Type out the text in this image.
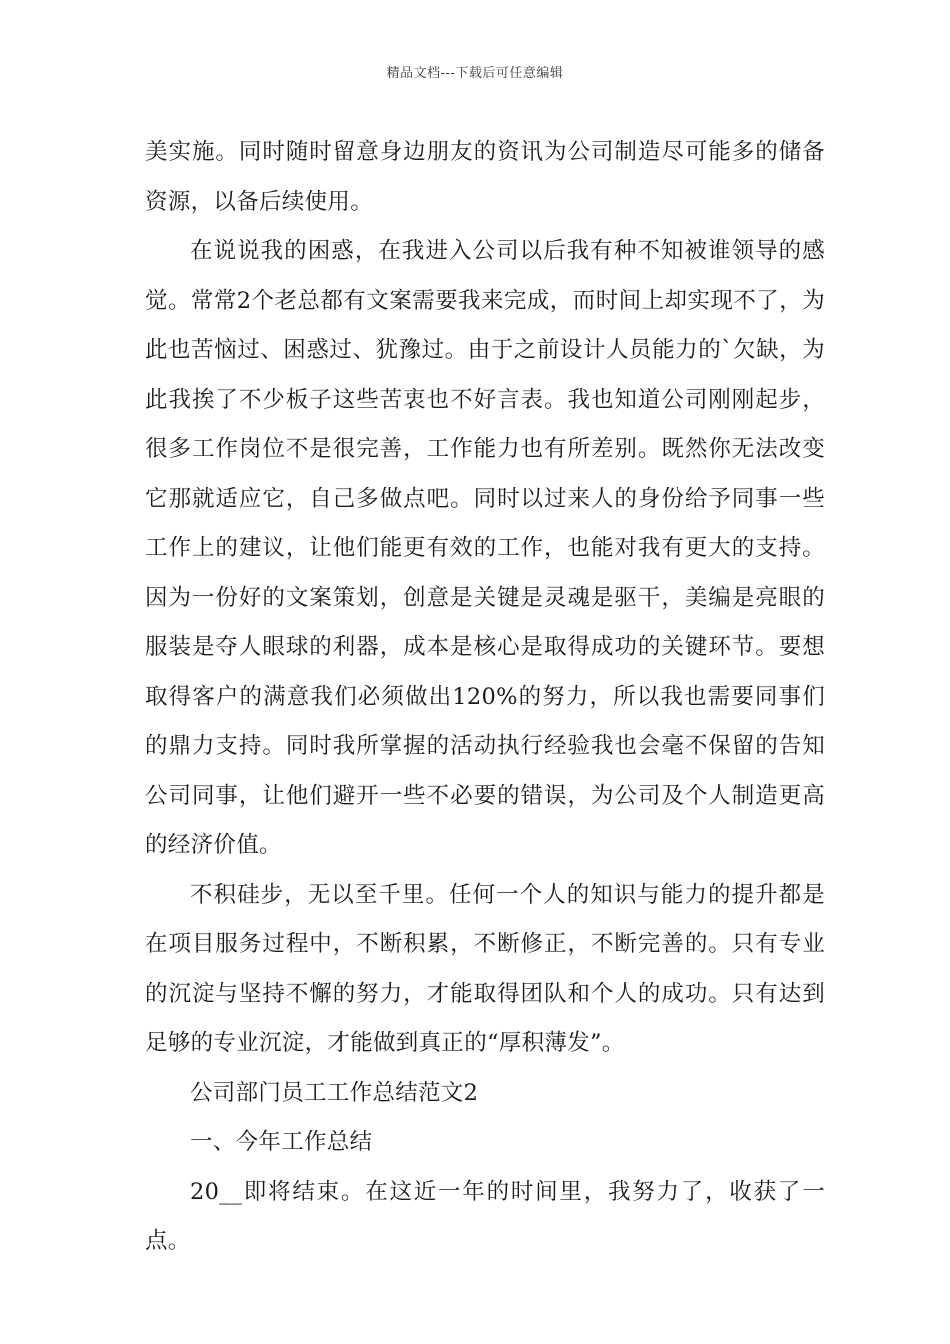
精品文档---下载后可任意编辑

美实施。同时随时留意身边朋友的资讯为公司制造尽可能多的储备资源，以备后续使用。

在说说我的困惑，在我进入公司以后我有种不知被谁领导的感觉。常常2个老总都有文案需要我来完成，而时间上却实现不了，为此也苦恼过、困惑过、犹豫过。由于之前设计人员能力的`欠缺，为此我挨了不少板子这些苦衷也不好言表。我也知道公司刚刚起步，很多工作岗位不是很完善，工作能力也有所差别。既然你无法改变它那就适应它，自己多做点吧。同时以过来人的身份给予同事一些工作上的建议，让他们能更有效的工作，也能对我有更大的支持。因为一份好的文案策划，创意是关键是灵魂是驱干，美编是亮眼的服装是夺人眼球的利器，成本是核心是取得成功的关键环节。要想取得客户的满意我们必须做出120%的努力，所以我也需要同事们的鼎力支持。同时我所掌握的活动执行经验我也会毫不保留的告知公司同事，让他们避开一些不必要的错误，为公司及个人制造更高的经济价值。

不积硅步，无以至千里。任何一个人的知识与能力的提升都是在项目服务过程中，不断积累，不断修正，不断完善的。只有专业的沉淀与坚持不懈的努力，才能取得团队和个人的成功。只有达到足够的专业沉淀，才能做到真正的“厚积薄发”。

公司部门员工工作总结范文2

一、今年工作总结

20__即将结束。在这近一年的时间里，我努力了，收获了一点。
